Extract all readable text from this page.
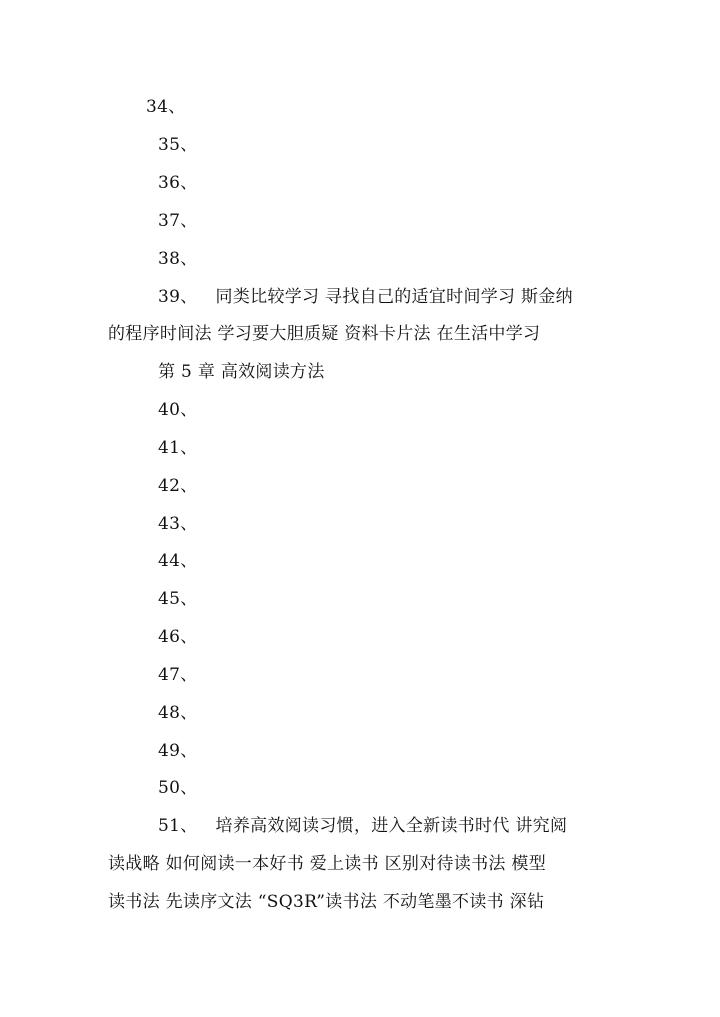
34、
35、
36、
37、
38、
39、 同类比较学习 寻找自己的适宜时间学习 斯金纳
的程序时间法 学习要大胆质疑 资料卡片法 在生活中学习
第 5 章 高效阅读方法
40、
41、
42、
43、
44、
45、
46、
47、
48、
49、
50、
51、 培养高效阅读习惯，进入全新读书时代 讲究阅
读战略 如何阅读一本好书 爱上读书 区别对待读书法 模型
读书法 先读序文法 “SQ3R”读书法 不动笔墨不读书 深钻
